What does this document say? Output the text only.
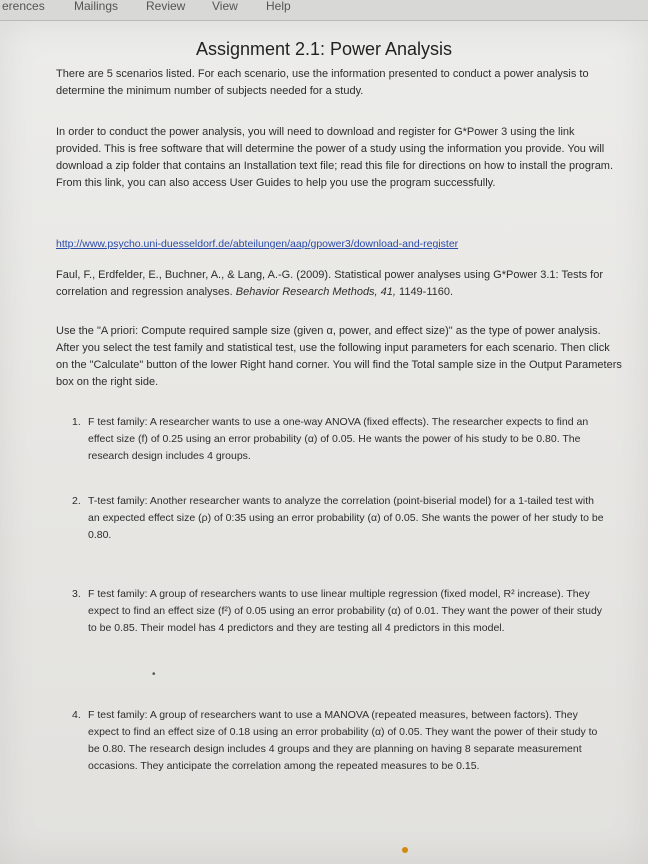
erences Mailings Review View Help
Assignment 2.1: Power Analysis

There are 5 scenarios listed. For each scenario, use the information presented to conduct a power analysis to determine the minimum number of subjects needed for a study.

In order to conduct the power analysis, you will need to download and register for G*Power 3 using the link provided. This is free software that will determine the power of a study using the information you provide. You will download a zip folder that contains an Installation text file; read this file for directions on how to install the program. From this link, you can also access User Guides to help you use the program successfully.

http://www.psycho.uni-duesseldorf.de/abteilungen/aap/gpower3/download-and-register

Faul, F., Erdfelder, E., Buchner, A., & Lang, A.-G. (2009). Statistical power analyses using G*Power 3.1: Tests for correlation and regression analyses. Behavior Research Methods, 41, 1149-1160.

Use the "A priori: Compute required sample size (given α, power, and effect size)" as the type of power analysis. After you select the test family and statistical test, use the following input parameters for each scenario. Then click on the "Calculate" button of the lower Right hand corner. You will find the Total sample size in the Output Parameters box on the right side.

1. F test family: A researcher wants to use a one-way ANOVA (fixed effects). The researcher expects to find an effect size (f) of 0.25 using an error probability (α) of 0.05. He wants the power of his study to be 0.80. The research design includes 4 groups.
2. T-test family: Another researcher wants to analyze the correlation (point-biserial model) for a 1-tailed test with an expected effect size (ρ) of 0:35 using an error probability (α) of 0.05. She wants the power of her study to be 0.80.
3. F test family: A group of researchers wants to use linear multiple regression (fixed model, R² increase). They expect to find an effect size (f²) of 0.05 using an error probability (α) of 0.01. They want the power of their study to be 0.85. Their model has 4 predictors and they are testing all 4 predictors in this model.
4. F test family: A group of researchers want to use a MANOVA (repeated measures, between factors). They expect to find an effect size of 0.18 using an error probability (α) of 0.05. They want the power of their study to be 0.80. The research design includes 4 groups and they are planning on having 8 separate measurement occasions. They anticipate the correlation among the repeated measures to be 0.15.
•
